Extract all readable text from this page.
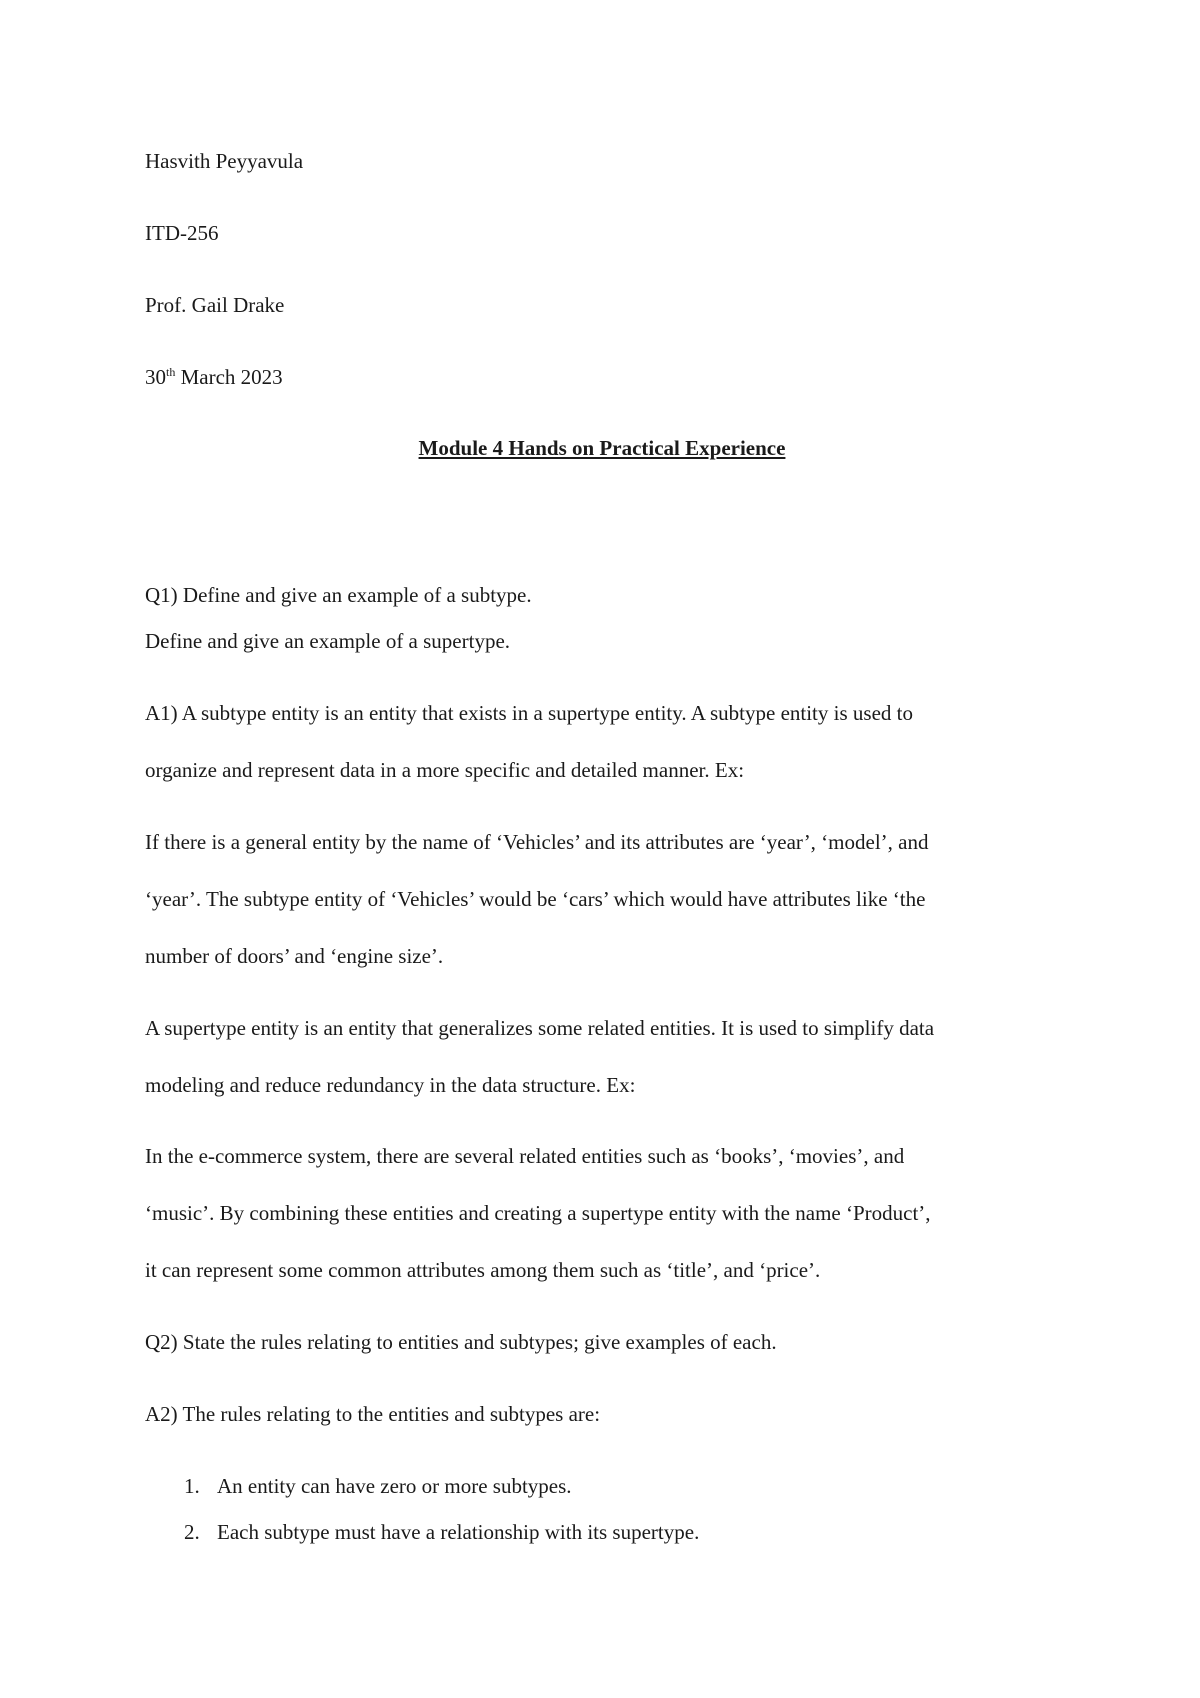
Hasvith Peyyavula
ITD-256
Prof. Gail Drake
30th March 2023
Module 4 Hands on Practical Experience
Q1) Define and give an example of a subtype.
Define and give an example of a supertype.
A1) A subtype entity is an entity that exists in a supertype entity. A subtype entity is used to
organize and represent data in a more specific and detailed manner. Ex:
If there is a general entity by the name of ‘Vehicles’ and its attributes are ‘year’, ‘model’, and
‘year’. The subtype entity of ‘Vehicles’ would be ‘cars’ which would have attributes like ‘the
number of doors’ and ‘engine size’.
A supertype entity is an entity that generalizes some related entities. It is used to simplify data
modeling and reduce redundancy in the data structure. Ex:
In the e-commerce system, there are several related entities such as ‘books’, ‘movies’, and
‘music’. By combining these entities and creating a supertype entity with the name ‘Product’,
it can represent some common attributes among them such as ‘title’, and ‘price’.
Q2) State the rules relating to entities and subtypes; give examples of each.
A2) The rules relating to the entities and subtypes are:
1. An entity can have zero or more subtypes.
2. Each subtype must have a relationship with its supertype.
